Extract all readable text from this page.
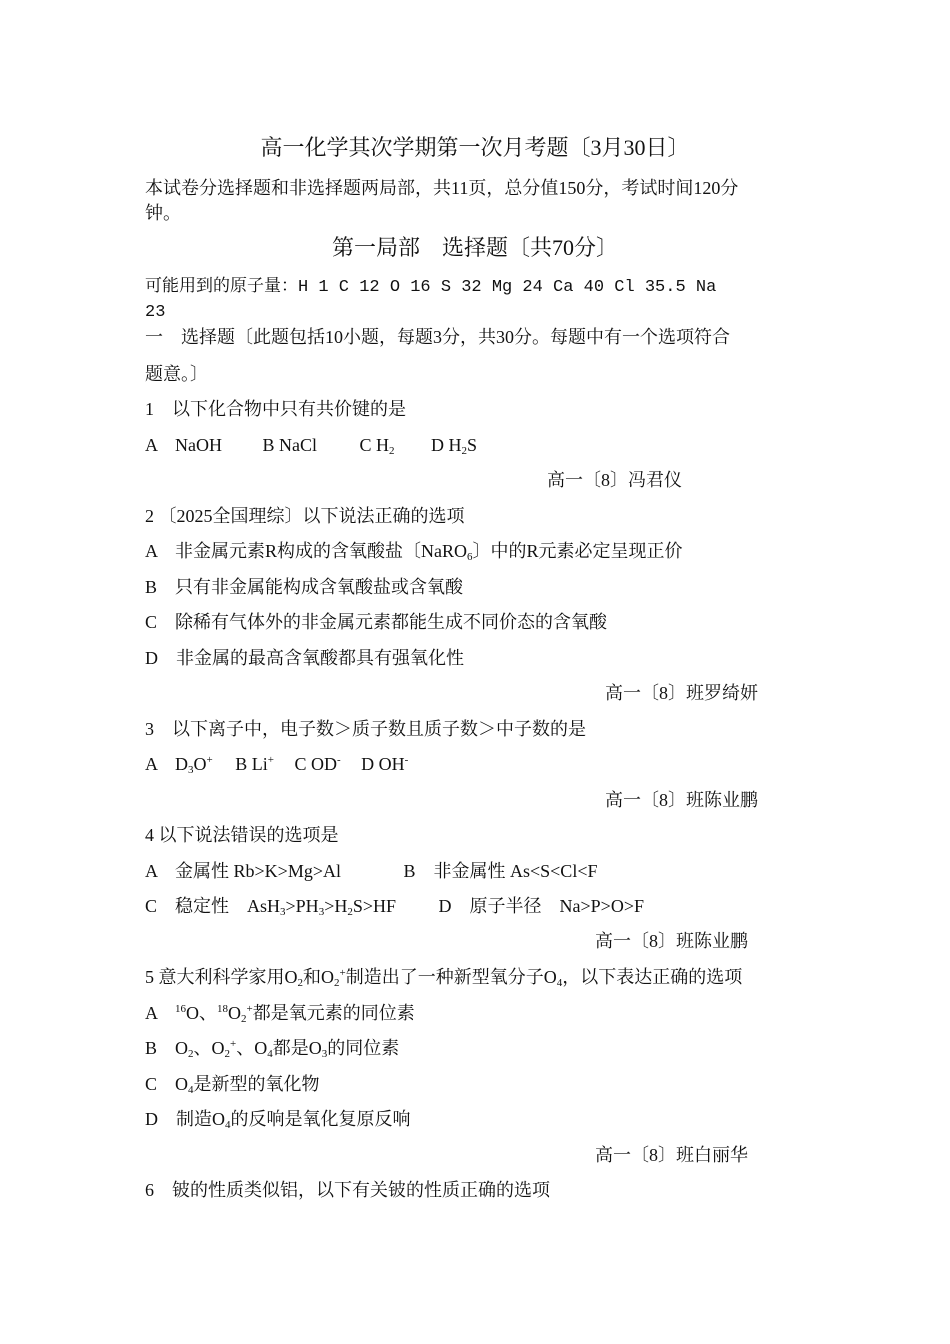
高一化学其次学期第一次月考题〔3月30日〕
本试卷分选择题和非选择题两局部，共11页，总分值150分，考试时间120分
钟。
第一局部　选择题〔共70分〕
可能用到的原子量：H 1 C 12 O 16 S 32 Mg 24 Ca 40 Cl 35.5 Na
23
一　选择题〔此题包括10小题，每题3分，共30分。每题中有一个选项符合
题意。〕
1　以下化合物中只有共价键的是
A　NaOH B NaCl C $H_2$ D $H_2S$
高一〔8〕冯君仪
2 〔2025全国理综〕以下说法正确的选项
A　非金属元素R构成的含氧酸盐〔NaRO$_6$〕中的R元素必定呈现正价
B　只有非金属能构成含氧酸盐或含氧酸
C　除稀有气体外的非金属元素都能生成不同价态的含氧酸
D　非金属的最高含氧酸都具有强氧化性
高一〔8〕班罗绮妍
3　以下离子中，电子数＞质子数且质子数＞中子数的是
A　$D_3O^+$ B Li+ C OD- D OH-
高一〔8〕班陈业鹏
4 以下说法错误的选项是
A　金属性 Rb>K>Mg>Al	B　非金属性 As<S<Cl<F
C　稳定性　$AsH_3>PH_3>H_2S>HF$ D　原子半径　Na>P>O>F
高一〔8〕班陈业鹏
5 意大利科学家用$O_2$和$O_2^+$制造出了一种新型氧分子$O_4$，以下表达正确的选项
A　$^{16}$O、$^{18}O_2^+$都是氧元素的同位素
B　$O_2$、$O_2^+$、$O_4$都是$O_3$的同位素
C　$O_4$是新型的氧化物
D　制造$O_4$的反响是氧化复原反响
高一〔8〕班白丽华
6　铍的性质类似铝，以下有关铍的性质正确的选项
